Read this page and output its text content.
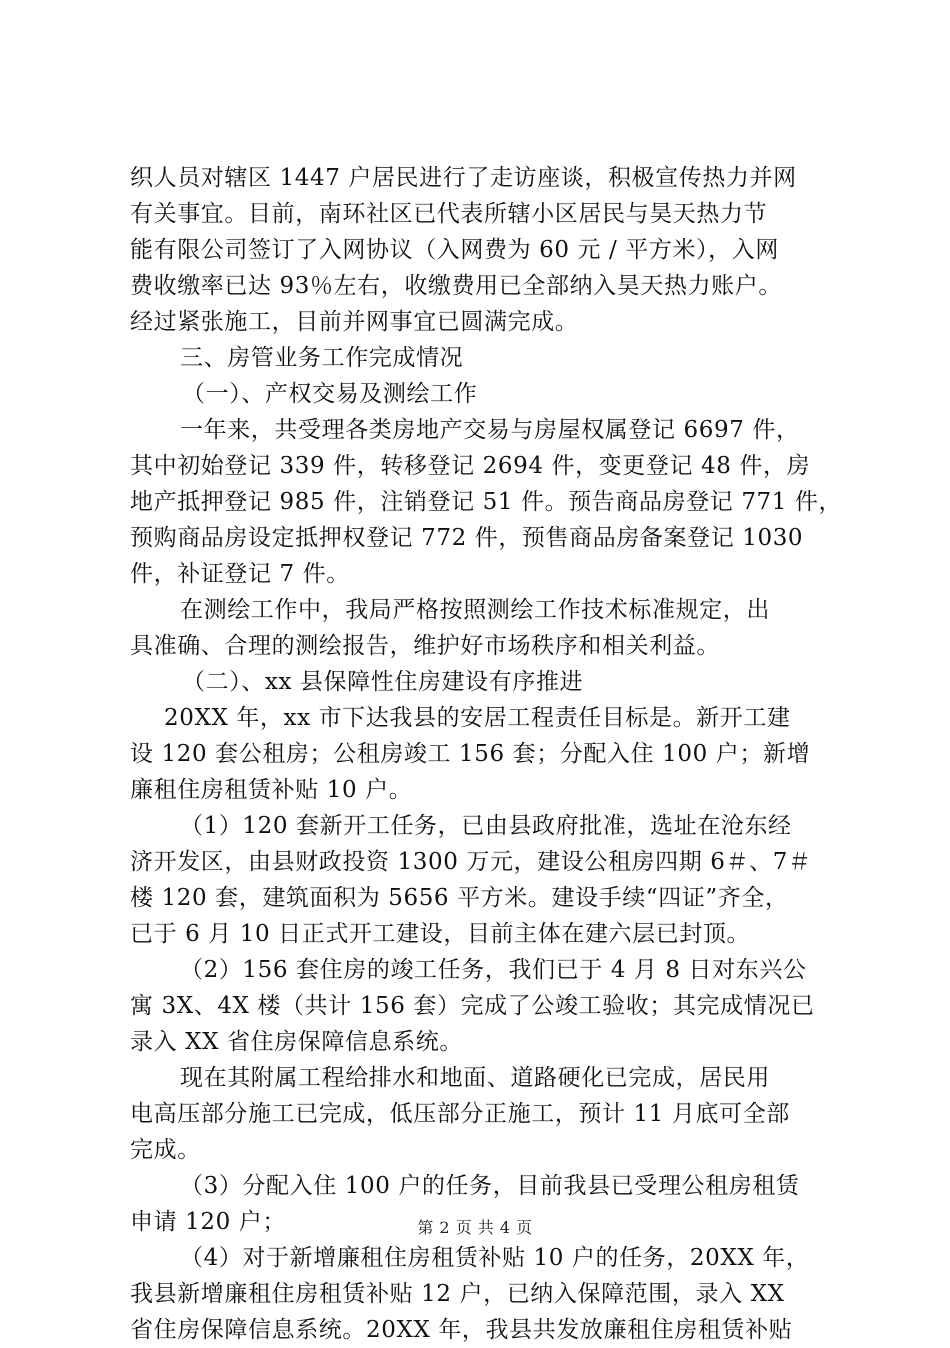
织人员对辖区 1447 户居民进行了走访座谈，积极宣传热力并网
有关事宜。目前，南环社区已代表所辖小区居民与昊天热力节
能有限公司签订了入网协议（入网费为 60 元 / 平方米），入网
费收缴率已达 93％左右，收缴费用已全部纳入昊天热力账户。
经过紧张施工，目前并网事宜已圆满完成。
三、房管业务工作完成情况
（一）、产权交易及测绘工作
一年来，共受理各类房地产交易与房屋权属登记 6697 件，
其中初始登记 339 件，转移登记 2694 件，变更登记 48 件，房
地产抵押登记 985 件，注销登记 51 件。预告商品房登记 771 件，
预购商品房设定抵押权登记 772 件，预售商品房备案登记 1030
件，补证登记 7 件。
在测绘工作中，我局严格按照测绘工作技术标准规定，出
具准确、合理的测绘报告，维护好市场秩序和相关利益。
（二）、xx 县保障性住房建设有序推进
20XX 年，xx 市下达我县的安居工程责任目标是。新开工建
设 120 套公租房；公租房竣工 156 套；分配入住 100 户；新增
廉租住房租赁补贴 10 户。
（1）120 套新开工任务，已由县政府批准，选址在沧东经
济开发区，由县财政投资 1300 万元，建设公租房四期 6＃、7＃
楼 120 套，建筑面积为 5656 平方米。建设手续“四证”齐全，
已于 6 月 10 日正式开工建设，目前主体在建六层已封顶。
（2）156 套住房的竣工任务，我们已于 4 月 8 日对东兴公
寓 3X、4X 楼（共计 156 套）完成了公竣工验收；其完成情况已
录入 XX 省住房保障信息系统。
现在其附属工程给排水和地面、道路硬化已完成，居民用
电高压部分施工已完成，低压部分正施工，预计 11 月底可全部
完成。
（3）分配入住 100 户的任务，目前我县已受理公租房租赁
申请 120 户；
（4）对于新增廉租住房租赁补贴 10 户的任务，20XX 年，
我县新增廉租住房租赁补贴 12 户，已纳入保障范围，录入 XX
省住房保障信息系统。20XX 年，我县共发放廉租住房租赁补贴
第 2 页 共 4 页
